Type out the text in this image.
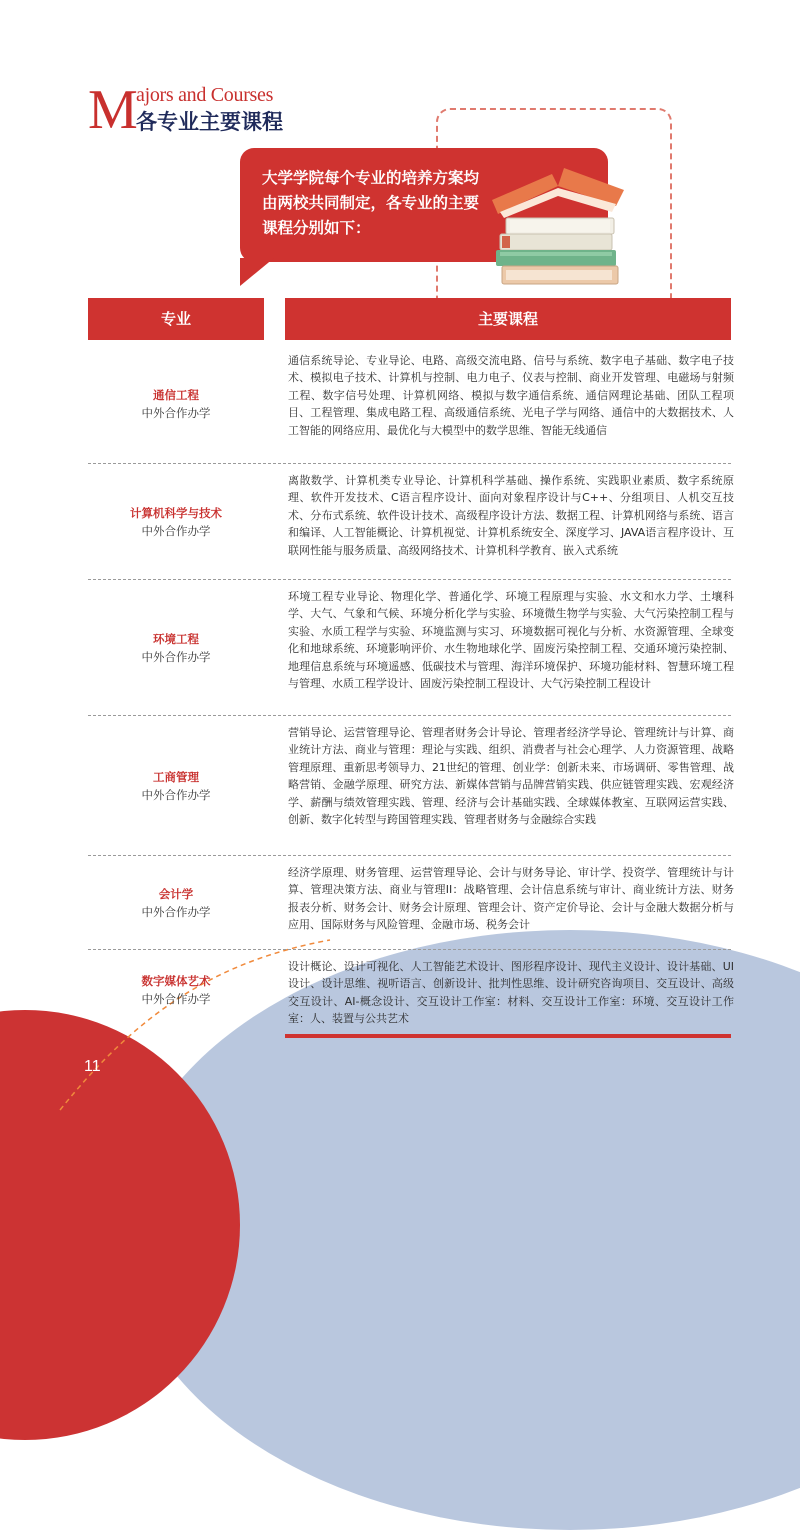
M
ajors and Courses
各专业主要课程
大学学院每个专业的培养方案均由两校共同制定，各专业的主要课程分别如下：
专业	主要课程
通信工程
中外合作办学
通信系统导论、专业导论、电路、高级交流电路、信号与系统、数字电子基础、数字电子技术、模拟电子技术、计算机与控制、电力电子、仪表与控制、商业开发管理、电磁场与射频工程、数字信号处理、计算机网络、模拟与数字通信系统、通信网理论基础、团队工程项目、工程管理、集成电路工程、高级通信系统、光电子学与网络、通信中的大数据技术、人工智能的网络应用、最优化与大模型中的数学思维、智能无线通信
计算机科学与技术
中外合作办学
离散数学、计算机类专业导论、计算机科学基础、操作系统、实践职业素质、数字系统原理、软件开发技术、C语言程序设计、面向对象程序设计与C++、分组项目、人机交互技术、分布式系统、软件设计技术、高级程序设计方法、数据工程、计算机网络与系统、语言和编译、人工智能概论、计算机视觉、计算机系统安全、深度学习、JAVA语言程序设计、互联网性能与服务质量、高级网络技术、计算机科学教育、嵌入式系统
环境工程
中外合作办学
环境工程专业导论、物理化学、普通化学、环境工程原理与实验、水文和水力学、土壤科学、大气、气象和气候、环境分析化学与实验、环境微生物学与实验、大气污染控制工程与实验、水质工程学与实验、环境监测与实习、环境数据可视化与分析、水资源管理、全球变化和地球系统、环境影响评价、水生物地球化学、固废污染控制工程、交通环境污染控制、地理信息系统与环境遥感、低碳技术与管理、海洋环境保护、环境功能材料、智慧环境工程与管理、水质工程学设计、固废污染控制工程设计、大气污染控制工程设计
工商管理
中外合作办学
营销导论、运营管理导论、管理者财务会计导论、管理者经济学导论、管理统计与计算、商业统计方法、商业与管理：理论与实践、组织、消费者与社会心理学、人力资源管理、战略管理原理、重新思考领导力、21世纪的管理、创业学：创新未来、市场调研、零售管理、战略营销、金融学原理、研究方法、新媒体营销与品牌营销实践、供应链管理实践、宏观经济学、薪酬与绩效管理实践、管理、经济与会计基础实践、全球媒体教室、互联网运营实践、创新、数字化转型与跨国管理实践、管理者财务与金融综合实践
会计学
中外合作办学
经济学原理、财务管理、运营管理导论、会计与财务导论、审计学、投资学、管理统计与计算、管理决策方法、商业与管理II：战略管理、会计信息系统与审计、商业统计方法、财务报表分析、财务会计、财务会计原理、管理会计、资产定价导论、会计与金融大数据分析与应用、国际财务与风险管理、金融市场、税务会计
数字媒体艺术
中外合作办学
设计概论、设计可视化、人工智能艺术设计、图形程序设计、现代主义设计、设计基础、UI设计、设计思维、视听语言、创新设计、批判性思维、设计研究咨询项目、交互设计、高级交互设计、AI-概念设计、交互设计工作室：材料、交互设计工作室：环境、交互设计工作室：人、装置与公共艺术
11
